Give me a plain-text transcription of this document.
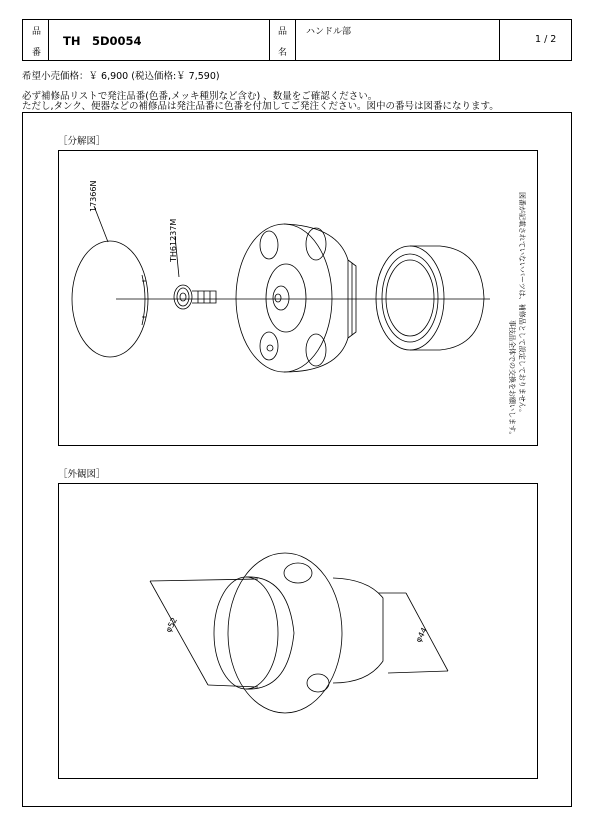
品
番
TH　5D0054
品
名
ハンドル部
1 / 2
希望小売価格：￥ 6,900 (税込価格:￥ 7,590)
必ず補修品リストで発注品番(色番,メッキ種別など含む) 、数量をご確認ください。
ただし,タンク、便器などの補修品は発注品番に色番を付加してご発注ください。図中の番号は図番になります。
［分解図］
17366N
TH61237M	図番が記載されていないパーツは、補修品として設定しておりません。
事技品全体での交換をお願いします。
［外観図］
φ52
φ44
